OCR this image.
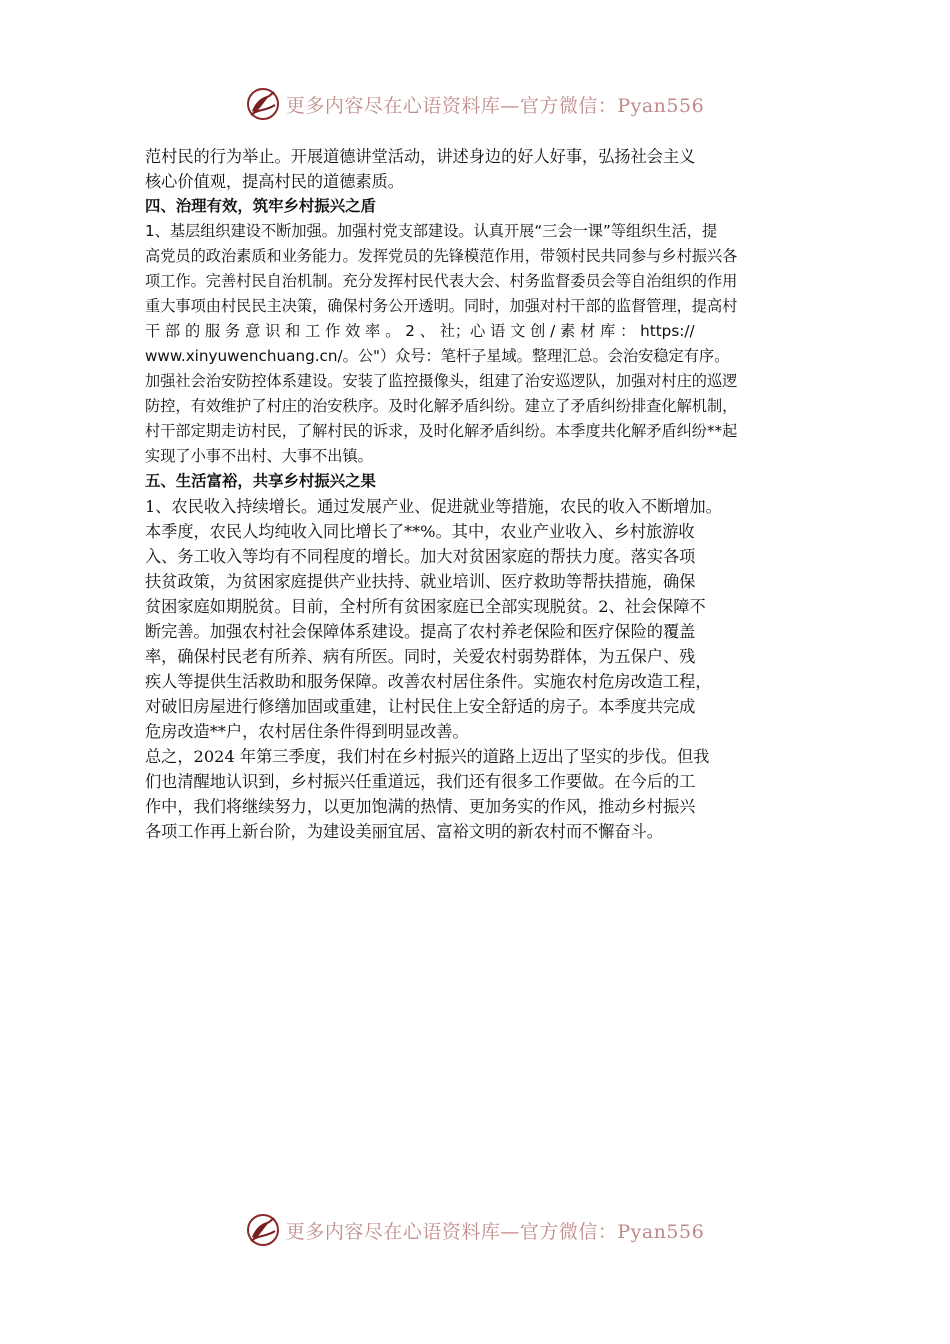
更多内容尽在心语资料库—官方微信：Pyan556

范村民的行为举止。开展道德讲堂活动，讲述身边的好人好事，弘扬社会主义
核心价值观，提高村民的道德素质。

四、治理有效，筑牢乡村振兴之盾

1、基层组织建设不断加强。加强村党支部建设。认真开展“三会一课”等组织生活，提
高党员的政治素质和业务能力。发挥党员的先锋模范作用，带领村民共同参与乡村振兴各
项工作。完善村民自治机制。充分发挥村民代表大会、村务监督委员会等自治组织的作用
重大事项由村民民主决策，确保村务公开透明。同时，加强对村干部的监督管理，提高村
干 部 的 服 务 意 识 和 工 作 效 率 。 2 、 社；心 语 文 创 / 素 材 库 ： https://
www.xinyuwenchuang.cn/。公"）众号：笔杆子星域。整理汇总。会治安稳定有序。
加强社会治安防控体系建设。安装了监控摄像头，组建了治安巡逻队，加强对村庄的巡逻
防控，有效维护了村庄的治安秩序。及时化解矛盾纠纷。建立了矛盾纠纷排查化解机制，
村干部定期走访村民，了解村民的诉求，及时化解矛盾纠纷。本季度共化解矛盾纠纷**起
实现了小事不出村、大事不出镇。

五、生活富裕，共享乡村振兴之果

1、农民收入持续增长。通过发展产业、促进就业等措施，农民的收入不断增加。
本季度，农民人均纯收入同比增长了**%。其中，农业产业收入、乡村旅游收
入、务工收入等均有不同程度的增长。加大对贫困家庭的帮扶力度。落实各项
扶贫政策，为贫困家庭提供产业扶持、就业培训、医疗救助等帮扶措施，确保
贫困家庭如期脱贫。目前，全村所有贫困家庭已全部实现脱贫。2、社会保障不
断完善。加强农村社会保障体系建设。提高了农村养老保险和医疗保险的覆盖
率，确保村民老有所养、病有所医。同时，关爱农村弱势群体，为五保户、残
疾人等提供生活救助和服务保障。改善农村居住条件。实施农村危房改造工程，
对破旧房屋进行修缮加固或重建，让村民住上安全舒适的房子。本季度共完成
危房改造**户，农村居住条件得到明显改善。

总之，2024 年第三季度，我们村在乡村振兴的道路上迈出了坚实的步伐。但我
们也清醒地认识到，乡村振兴任重道远，我们还有很多工作要做。在今后的工
作中，我们将继续努力，以更加饱满的热情、更加务实的作风，推动乡村振兴
各项工作再上新台阶，为建设美丽宜居、富裕文明的新农村而不懈奋斗。

更多内容尽在心语资料库—官方微信：Pyan556
